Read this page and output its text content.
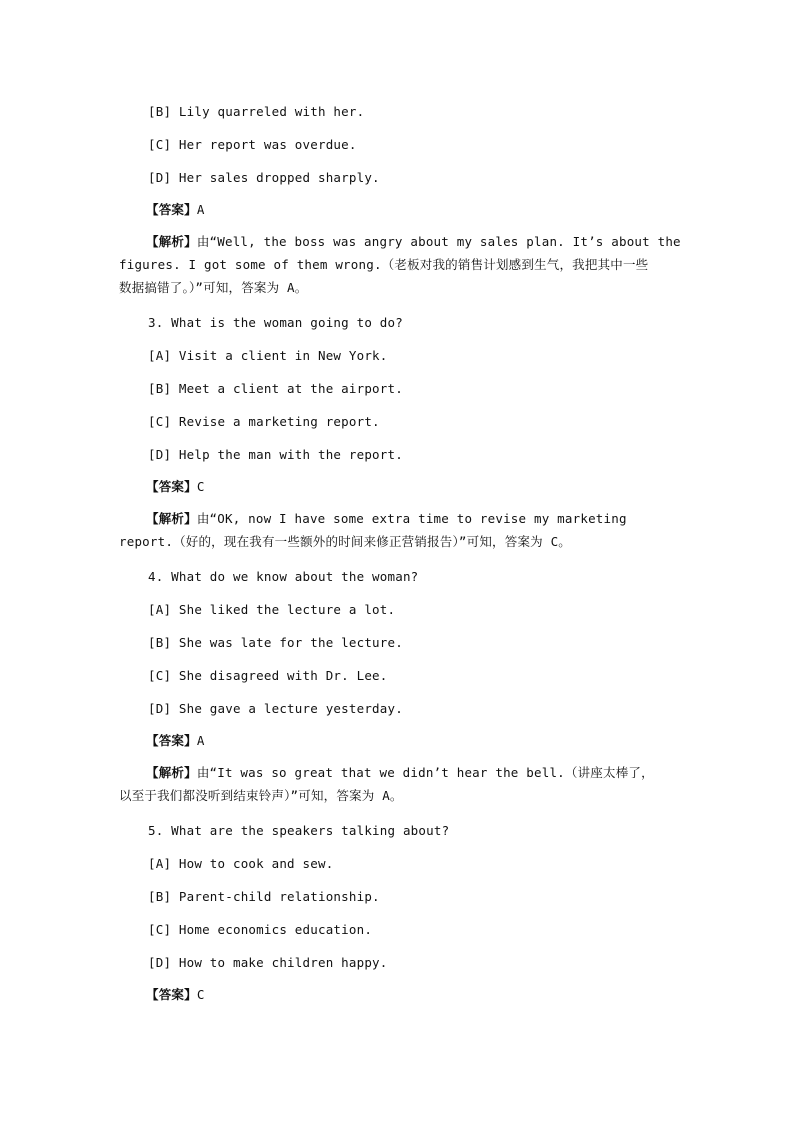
[B] Lily quarreled with her.
[C] Her report was overdue.
[D] Her sales dropped sharply.
【答案】A
【解析】由“Well, the boss was angry about my sales plan. It’s about the
figures. I got some of them wrong.（老板对我的销售计划感到生气，我把其中一些
数据搞错了。）”可知，答案为 A。
3. What is the woman going to do?
[A] Visit a client in New York.
[B] Meet a client at the airport.
[C] Revise a marketing report.
[D] Help the man with the report.
【答案】C
【解析】由“OK, now I have some extra time to revise my marketing
report.（好的，现在我有一些额外的时间来修正营销报告）”可知，答案为 C。
4. What do we know about the woman?
[A] She liked the lecture a lot.
[B] She was late for the lecture.
[C] She disagreed with Dr. Lee.
[D] She gave a lecture yesterday.
【答案】A
【解析】由“It was so great that we didn’t hear the bell.（讲座太棒了，
以至于我们都没听到结束铃声）”可知，答案为 A。
5. What are the speakers talking about?
[A] How to cook and sew.
[B] Parent-child relationship.
[C] Home economics education.
[D] How to make children happy.
【答案】C
